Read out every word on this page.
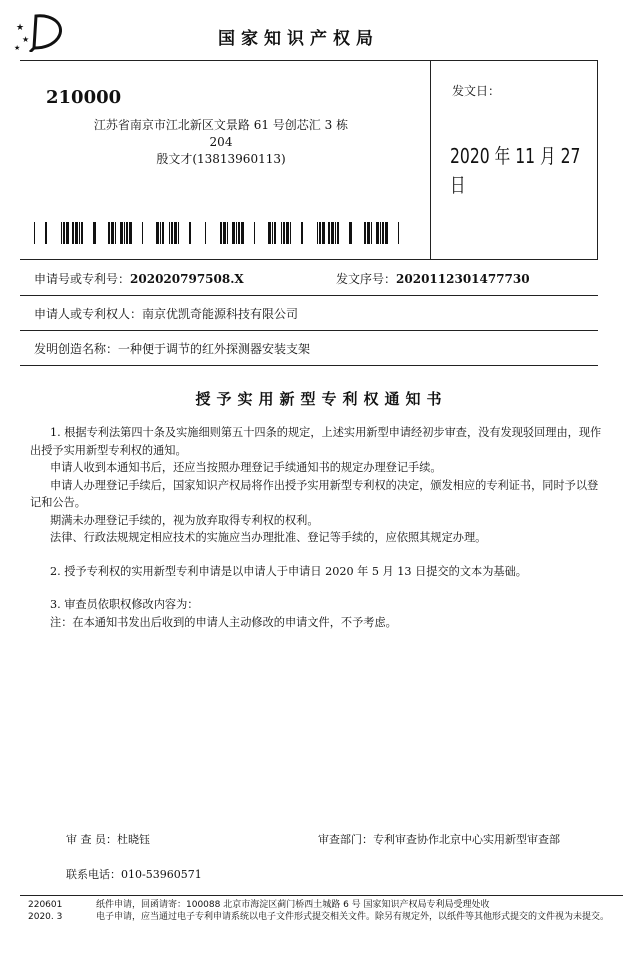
★
★
★	国家知识产权局
210000
江苏省南京市江北新区文景路 61 号创芯汇 3 栋 204
殷文才(13813960113)
发文日：
2020 年 11 月 27 日
申请号或专利号：202020797508.X	发文序号：2020112301477730
申请人或专利权人：南京优凯奇能源科技有限公司
发明创造名称：一种便于调节的红外探测器安装支架
授予实用新型专利权通知书

1. 根据专利法第四十条及实施细则第五十四条的规定，上述实用新型申请经初步审查，没有发现驳回理由，现作出授予实用新型专利权的通知。

申请人收到本通知书后，还应当按照办理登记手续通知书的规定办理登记手续。

申请人办理登记手续后，国家知识产权局将作出授予实用新型专利权的决定，颁发相应的专利证书，同时予以登记和公告。

期满未办理登记手续的，视为放弃取得专利权的权利。

法律、行政法规规定相应技术的实施应当办理批准、登记等手续的，应依照其规定办理。

2. 授予专利权的实用新型专利申请是以申请人于申请日 2020 年 5 月 13 日提交的文本为基础。

3. 审查员依职权修改内容为：

注：在本通知书发出后收到的申请人主动修改的申请文件，不予考虑。

审 查 员：杜晓钰	审查部门：专利审查协作北京中心实用新型审查部
联系电话：010-53960571
220601
2020. 3
纸件申请，回函请寄：100088 北京市海淀区蓟门桥西土城路 6 号 国家知识产权局专利局受理处收
电子申请，应当通过电子专利申请系统以电子文件形式提交相关文件。除另有规定外，以纸件等其他形式提交的文件视为未提交。
